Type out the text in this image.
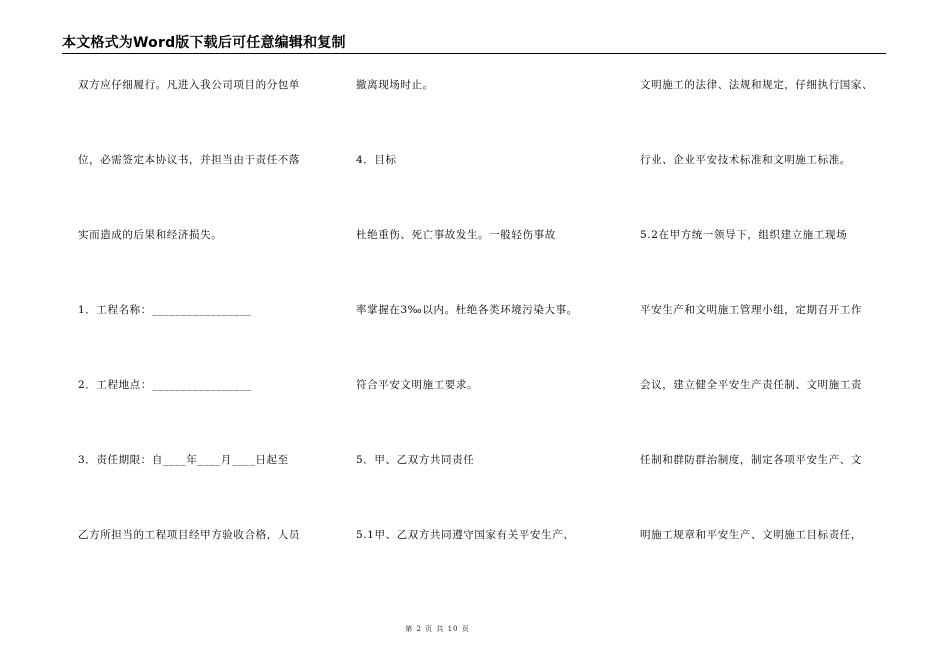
本文格式为Word版下载后可任意编辑和复制
双方应仔细履行。凡进入我公司项目的分包单
位，必需签定本协议书，并担当由于责任不落
实而造成的后果和经济损失。
1．工程名称：_________________
2．工程地点：_________________
3．责任期限：自____年____月____日起至
乙方所担当的工程项目经甲方验收合格，人员
撤离现场时止。
4．目标
杜绝重伤、死亡事故发生。一般轻伤事故
率掌握在3‰以内。杜绝各类环境污染大事。
符合平安文明施工要求。
5．甲、乙双方共同责任
5.1甲、乙双方共同遵守国家有关平安生产、
文明施工的法律、法规和规定，仔细执行国家、
行业、企业平安技术标准和文明施工标准。
5.2在甲方统一领导下，组织建立施工现场
平安生产和文明施工管理小组，定期召开工作
会议，建立健全平安生产责任制、文明施工责
任制和群防群治制度，制定各项平安生产、文
明施工规章和平安生产、文明施工目标责任，
第 2 页 共 10 页
